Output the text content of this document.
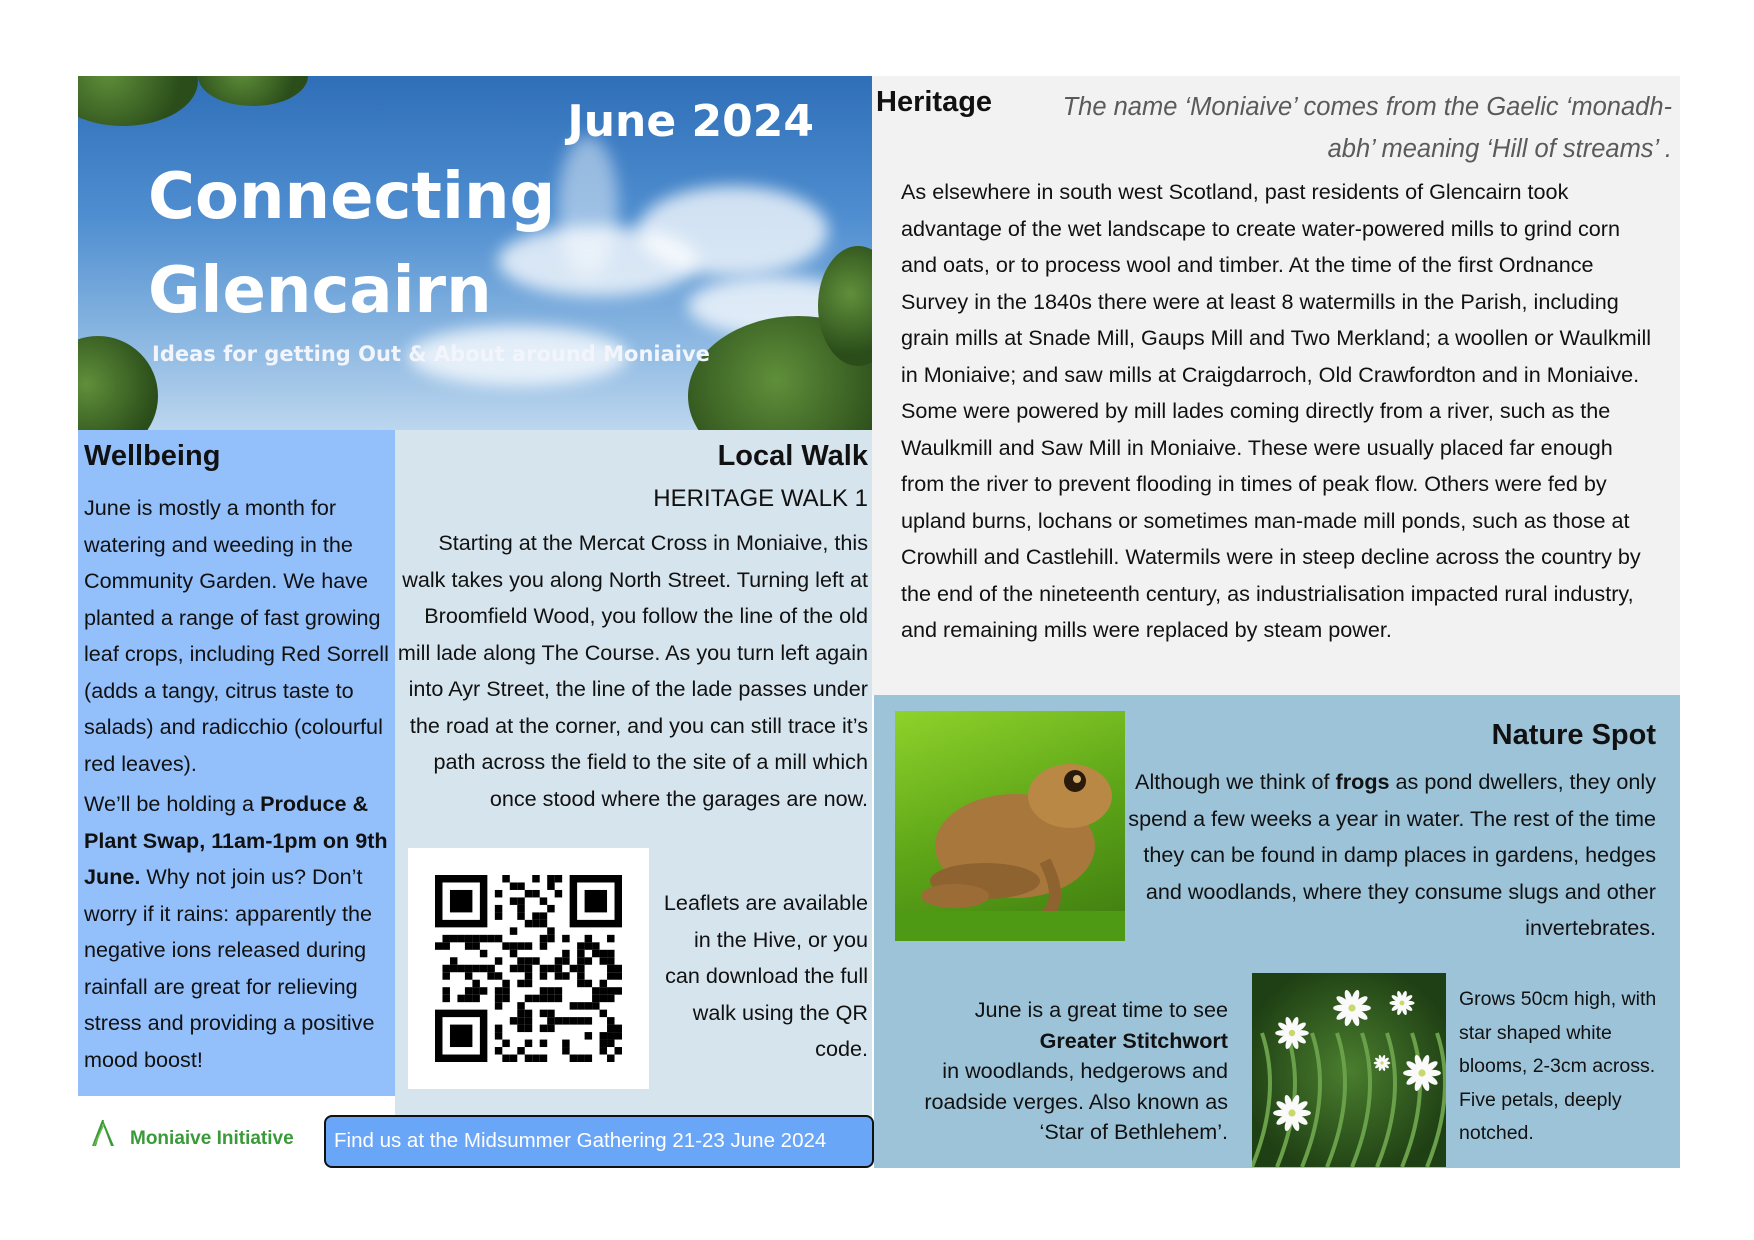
June 2024
Connecting
Glencairn
Ideas for getting Out & About around Moniaive
Wellbeing

June is mostly a month for watering and weeding in the Community Garden. We have planted a range of fast growing leaf crops, including Red Sorrell (adds a tangy, citrus taste to salads) and radicchio (colourful red leaves).

We’ll be holding a Produce & Plant Swap, 11am-1pm on 9th June. Why not join us? Don’t worry if it rains: apparently the negative ions released during rainfall are great for relieving stress and providing a positive mood boost!

Local Walk
HERITAGE WALK 1
Starting at the Mercat Cross in Moniaive, this walk takes you along North Street. Turning left at Broomfield Wood, you follow the line of the old mill lade along The Course. As you turn left again into Ayr Street, the line of the lade passes under the road at the corner, and you can still trace it’s path across the field to the site of a mill which once stood where the garages are now.
Leaflets are available in the Hive, or you can download the full walk using the QR code.
Moniaive Initiative Find us at the Midsummer Gathering 21-23 June 2024
Heritage	The name ‘Moniaive’ comes from the Gaelic ‘monadh-abh’ meaning ‘Hill of streams’ .
As elsewhere in south west Scotland, past residents of Glencairn took advantage of the wet landscape to create water-powered mills to grind corn and oats, or to process wool and timber. At the time of the first Ordnance Survey in the 1840s there were at least 8 watermills in the Parish, including grain mills at Snade Mill, Gaups Mill and Two Merkland; a woollen or Waulkmill in Moniaive; and saw mills at Craigdarroch, Old Crawfordton and in Moniaive. Some were powered by mill lades coming directly from a river, such as the Waulkmill and Saw Mill in Moniaive. These were usually placed far enough from the river to prevent flooding in times of peak flow. Others were fed by upland burns, lochans or sometimes man-made mill ponds, such as those at Crowhill and Castlehill. Watermils were in steep decline across the country by the end of the nineteenth century, as industrialisation impacted rural industry, and remaining mills were replaced by steam power.
Nature Spot
Although we think of frogs as pond dwellers, they only spend a few weeks a year in water. The rest of the time they can be found in damp places in gardens, hedges and woodlands, where they consume slugs and other invertebrates.
June is a great time to see
Greater Stitchwort
in woodlands, hedgerows and roadside verges. Also known as ‘Star of Bethlehem’.
Grows 50cm high, with star shaped white blooms, 2-3cm across. Five petals, deeply notched.
